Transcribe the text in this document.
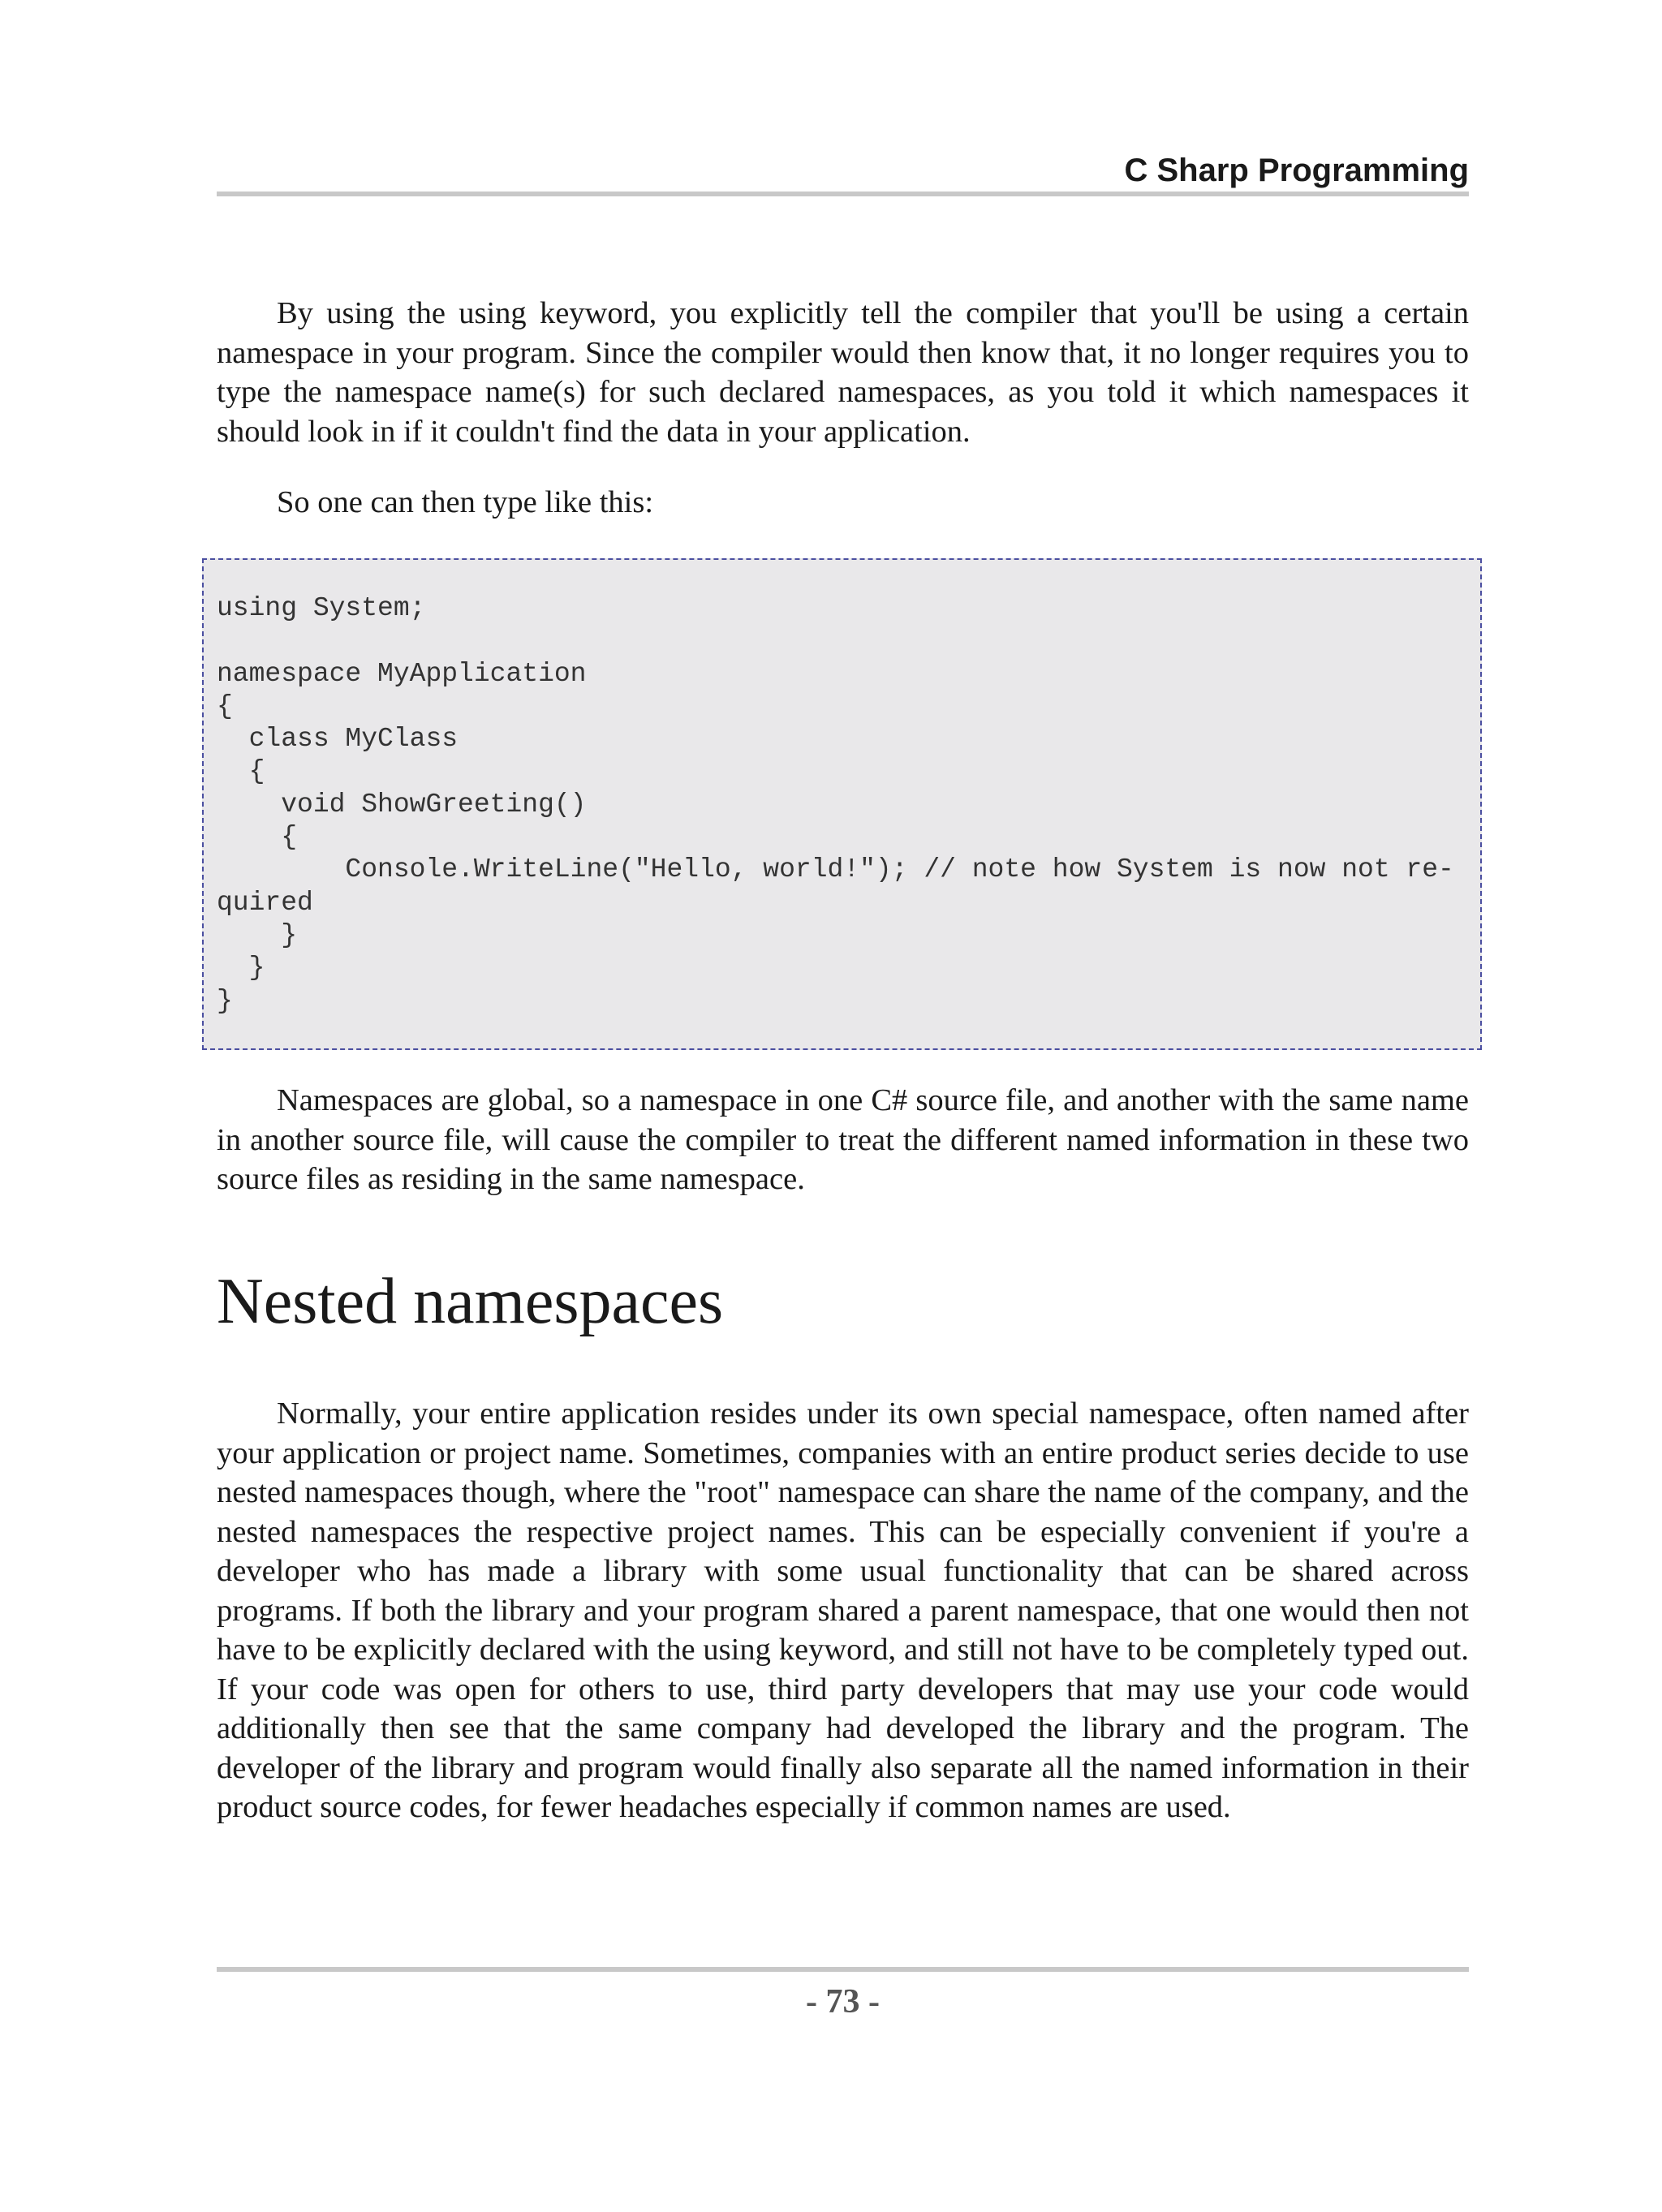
C Sharp Programming

By using the using keyword, you explicitly tell the compiler that you'll be using a certain namespace in your program. Since the compiler would then know that, it no longer requires you to type the namespace name(s) for such declared namespaces, as you told it which namespaces it should look in if it couldn't find the data in your application.

So one can then type like this:

using System;

namespace MyApplication
{
class MyClass
{
void ShowGreeting()
{
Console.WriteLine("Hello, world!"); // note how System is now not re-
quired
}
}
}

Namespaces are global, so a namespace in one C# source file, and another with the same name in another source file, will cause the compiler to treat the different named information in these two source files as residing in the same namespace.

Nested namespaces

Normally, your entire application resides under its own special namespace, often named after your application or project name. Sometimes, companies with an entire product series decide to use nested namespaces though, where the "root" namespace can share the name of the company, and the nested namespaces the respective project names. This can be especially convenient if you're a developer who has made a library with some usual functionality that can be shared across programs. If both the library and your program shared a parent namespace, that one would then not have to be explicitly declared with the using keyword, and still not have to be completely typed out. If your code was open for others to use, third party developers that may use your code would additionally then see that the same company had developed the library and the program. The developer of the library and program would finally also separate all the named information in their product source codes, for fewer headaches especially if common names are used.

- 73 -
